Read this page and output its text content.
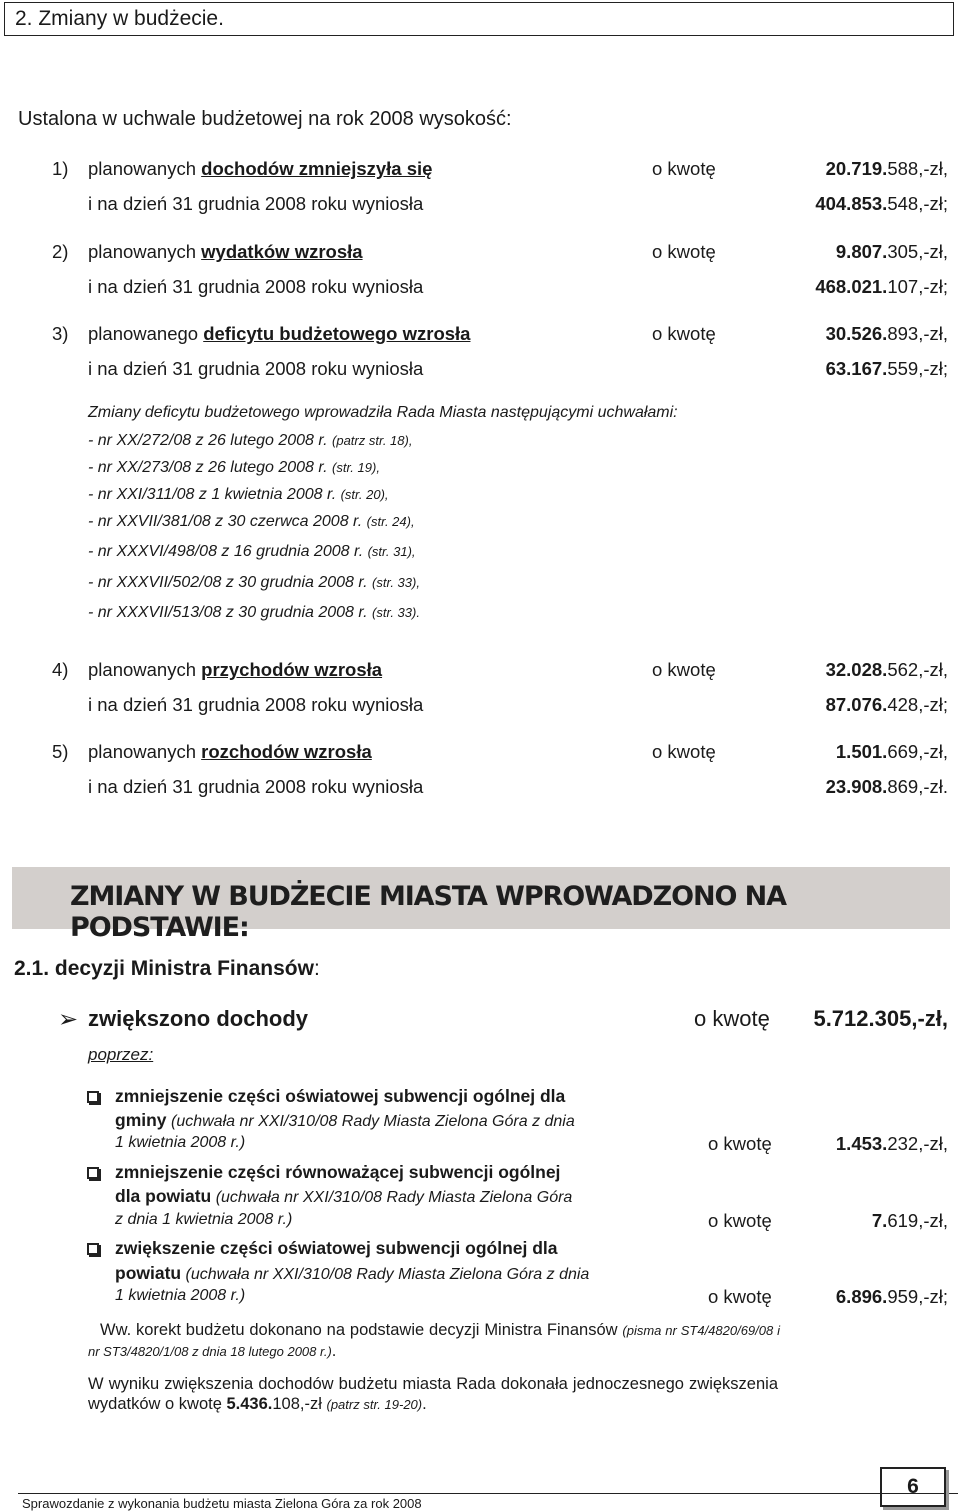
2. Zmiany w budżecie.
Ustalona w uchwale budżetowej na rok 2008 wysokość:
1) planowanych dochodów zmniejszyła się	o kwotę	20.719.588,-zł,
i na dzień 31 grudnia 2008 roku wyniosła	404.853.548,-zł;
2) planowanych wydatków wzrosła	o kwotę	9.807.305,-zł,
i na dzień 31 grudnia 2008 roku wyniosła	468.021.107,-zł;
3) planowanego deficytu budżetowego wzrosła	o kwotę	30.526.893,-zł,
i na dzień 31 grudnia 2008 roku wyniosła	63.167.559,-zł;
Zmiany deficytu budżetowego wprowadziła Rada Miasta następującymi uchwałami:
- nr XX/272/08 z 26 lutego 2008 r. (patrz str. 18),
- nr XX/273/08 z 26 lutego 2008 r. (str. 19),
- nr XXI/311/08 z 1 kwietnia 2008 r. (str. 20),
- nr XXVII/381/08 z 30 czerwca 2008 r. (str. 24),
- nr XXXVI/498/08 z 16 grudnia 2008 r. (str. 31),
- nr XXXVII/502/08 z 30 grudnia 2008 r. (str. 33),
- nr XXXVII/513/08 z 30 grudnia 2008 r. (str. 33).
4) planowanych przychodów wzrosła	o kwotę	32.028.562,-zł,
i na dzień 31 grudnia 2008 roku wyniosła	87.076.428,-zł;
5) planowanych rozchodów wzrosła	o kwotę	1.501.669,-zł,
i na dzień 31 grudnia 2008 roku wyniosła	23.908.869,-zł.
ZMIANY W BUDŻECIE MIASTA WPROWADZONO NA PODSTAWIE:
2.1. decyzji Ministra Finansów:
➢ zwiększono dochody	o kwotę 5.712.305,-zł,
poprzez:
zmniejszenie części oświatowej subwencji ogólnej dla
gminy (uchwała nr XXI/310/08 Rady Miasta Zielona Góra z dnia
1 kwietnia 2008 r.)	o kwotę	1.453.232,-zł,
zmniejszenie części równoważącej subwencji ogólnej
dla powiatu (uchwała nr XXI/310/08 Rady Miasta Zielona Góra
z dnia 1 kwietnia 2008 r.)	o kwotę	7.619,-zł,
zwiększenie części oświatowej subwencji ogólnej dla
powiatu (uchwała nr XXI/310/08 Rady Miasta Zielona Góra z dnia
1 kwietnia 2008 r.)	o kwotę	6.896.959,-zł;
Ww. korekt budżetu dokonano na podstawie decyzji Ministra Finansów (pisma nr ST4/4820/69/08 i nr ST3/4820/1/08 z dnia 18 lutego 2008 r.).
W wyniku zwiększenia dochodów budżetu miasta Rada dokonała jednoczesnego zwiększenia wydatków o kwotę 5.436.108,-zł (patrz str. 19-20).
6
Sprawozdanie z wykonania budżetu miasta Zielona Góra za rok 2008
